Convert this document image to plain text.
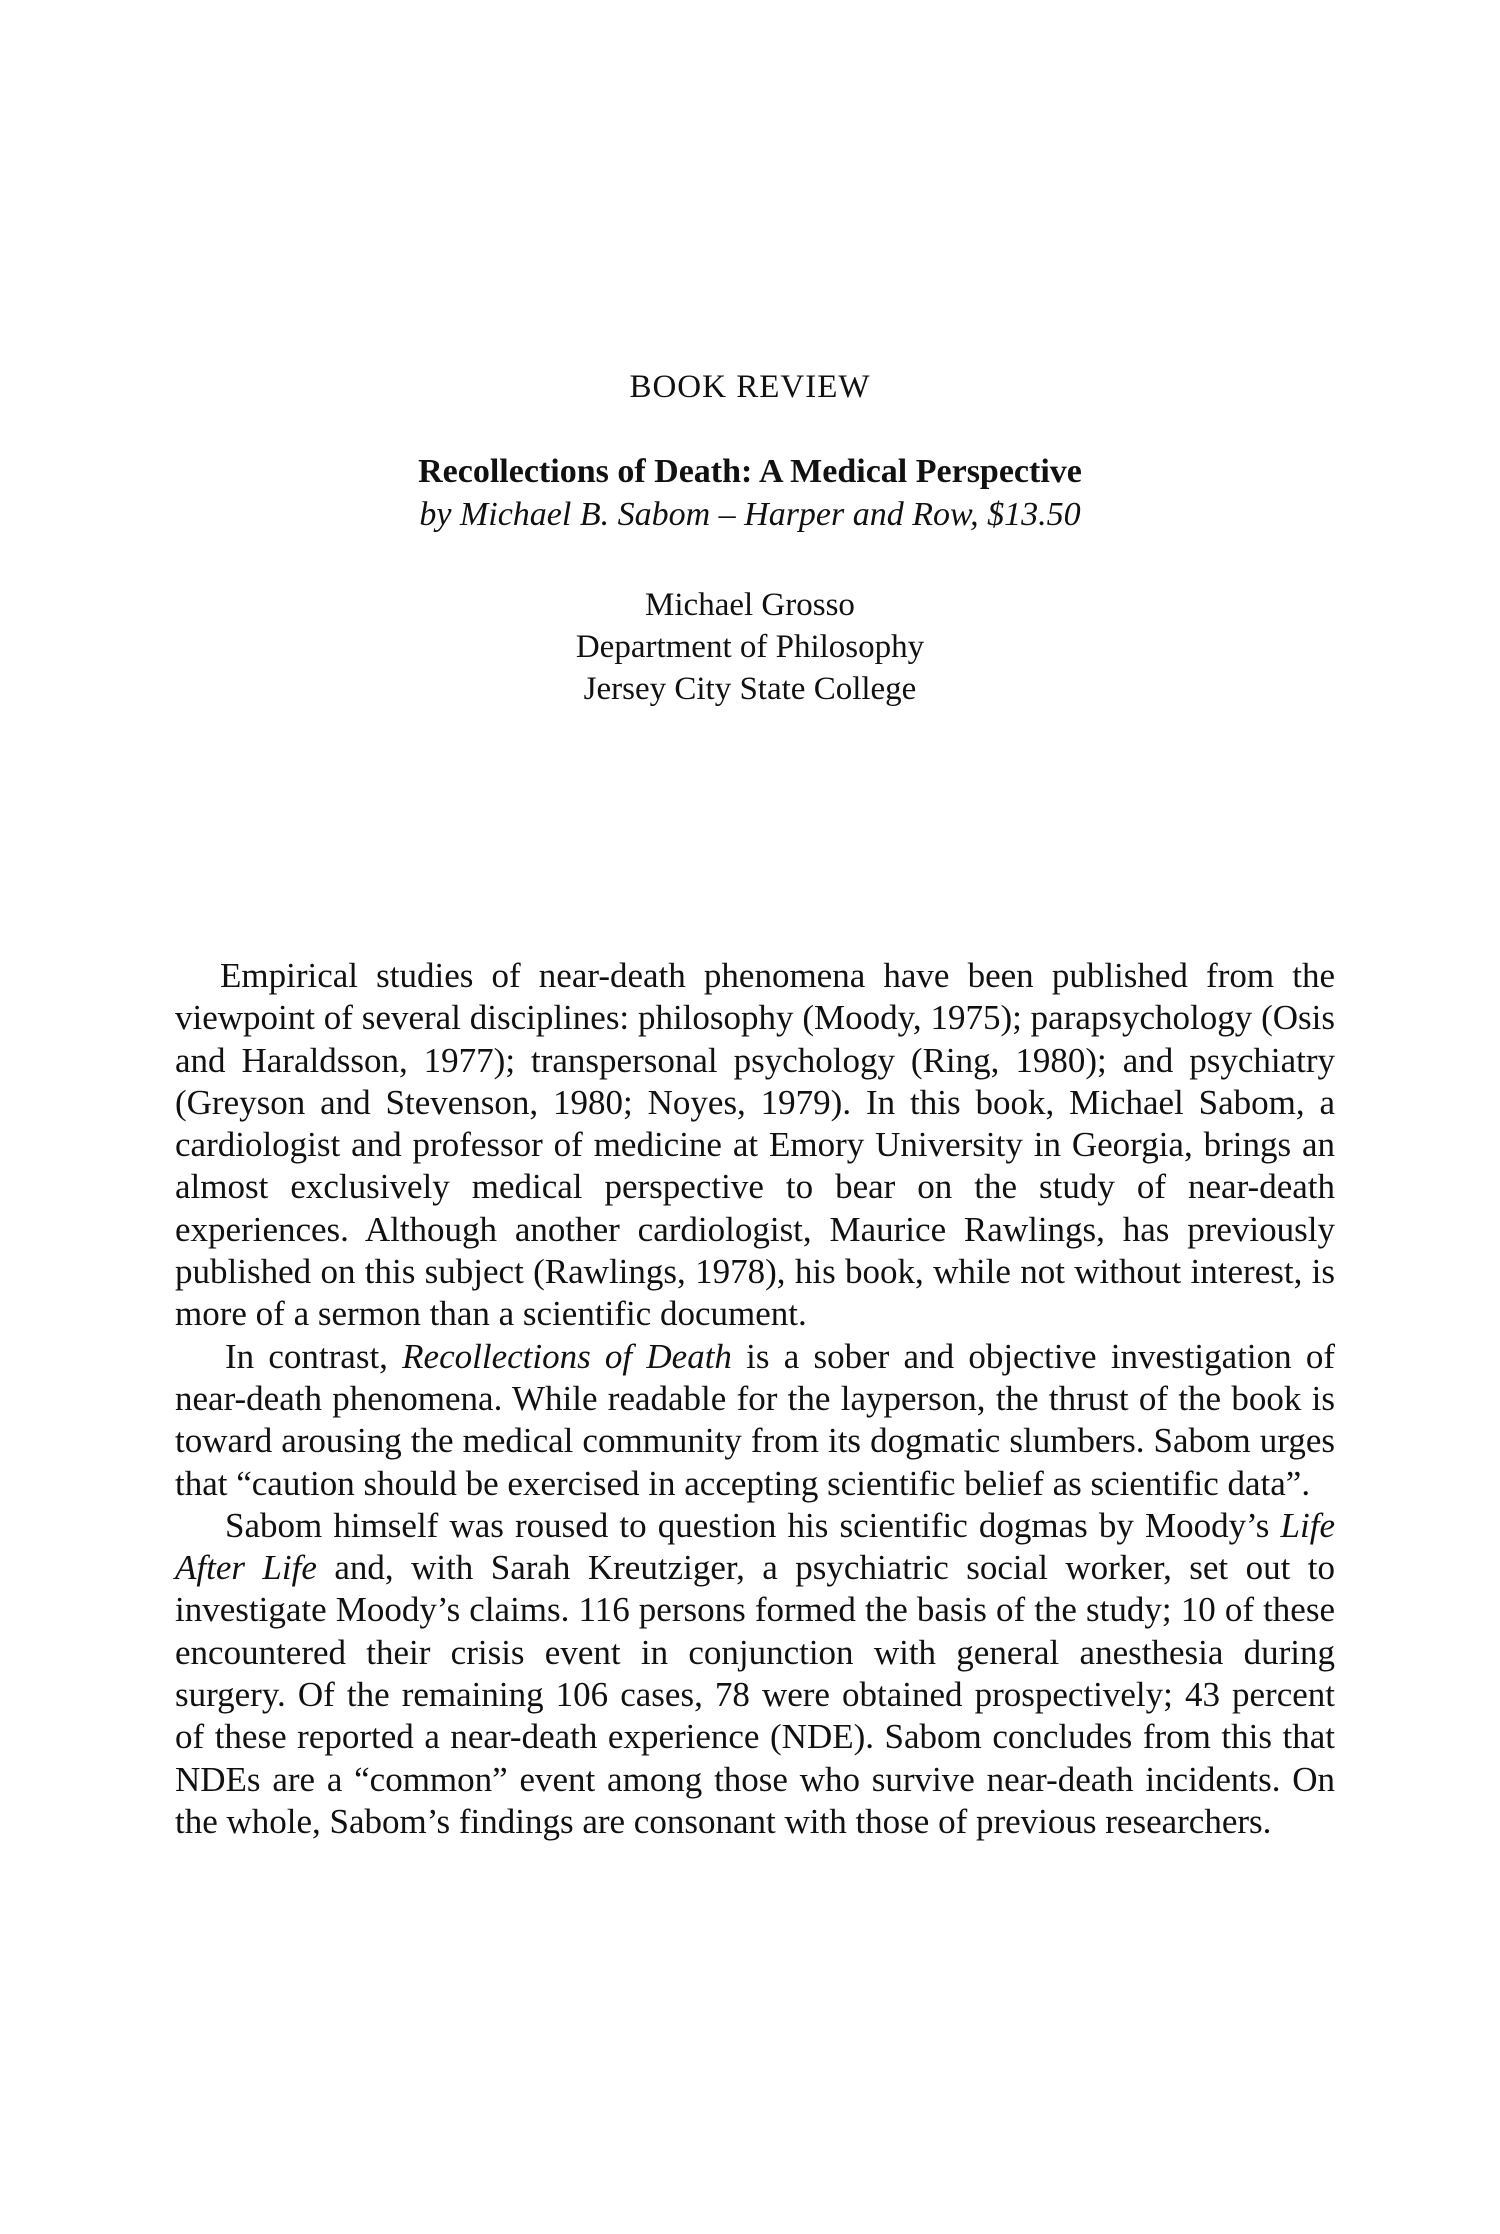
BOOK REVIEW
Recollections of Death: A Medical Perspective
by Michael B. Sabom – Harper and Row, $13.50
Michael Grosso
Department of Philosophy
Jersey City State College

Empirical studies of near-death phenomena have been published from the viewpoint of several disciplines: philosophy (Moody, 1975); parapsychology (Osis and Haraldsson, 1977); transpersonal psychology (Ring, 1980); and psychiatry (Greyson and Stevenson, 1980; Noyes, 1979). In this book, Michael Sabom, a cardiologist and professor of medicine at Emory University in Georgia, brings an almost exclusively medical perspective to bear on the study of near-death experiences. Although another cardiologist, Maurice Rawlings, has previously published on this subject (Rawlings, 1978), his book, while not without interest, is more of a sermon than a scientific document.

In contrast, Recollections of Death is a sober and objective investigation of near-death phenomena. While readable for the layperson, the thrust of the book is toward arousing the medical community from its dogmatic slumbers. Sabom urges that “caution should be exercised in accepting scientific belief as scientific data”.

Sabom himself was roused to question his scientific dogmas by Moody’s Life After Life and, with Sarah Kreutziger, a psychiatric social worker, set out to investigate Moody’s claims. 116 persons formed the basis of the study; 10 of these encountered their crisis event in conjunction with general anesthesia during surgery. Of the remaining 106 cases, 78 were obtained prospectively; 43 percent of these reported a near-death experience (NDE). Sabom concludes from this that NDEs are a “common” event among those who survive near-death incidents. On the whole, Sabom’s findings are consonant with those of previous researchers.
